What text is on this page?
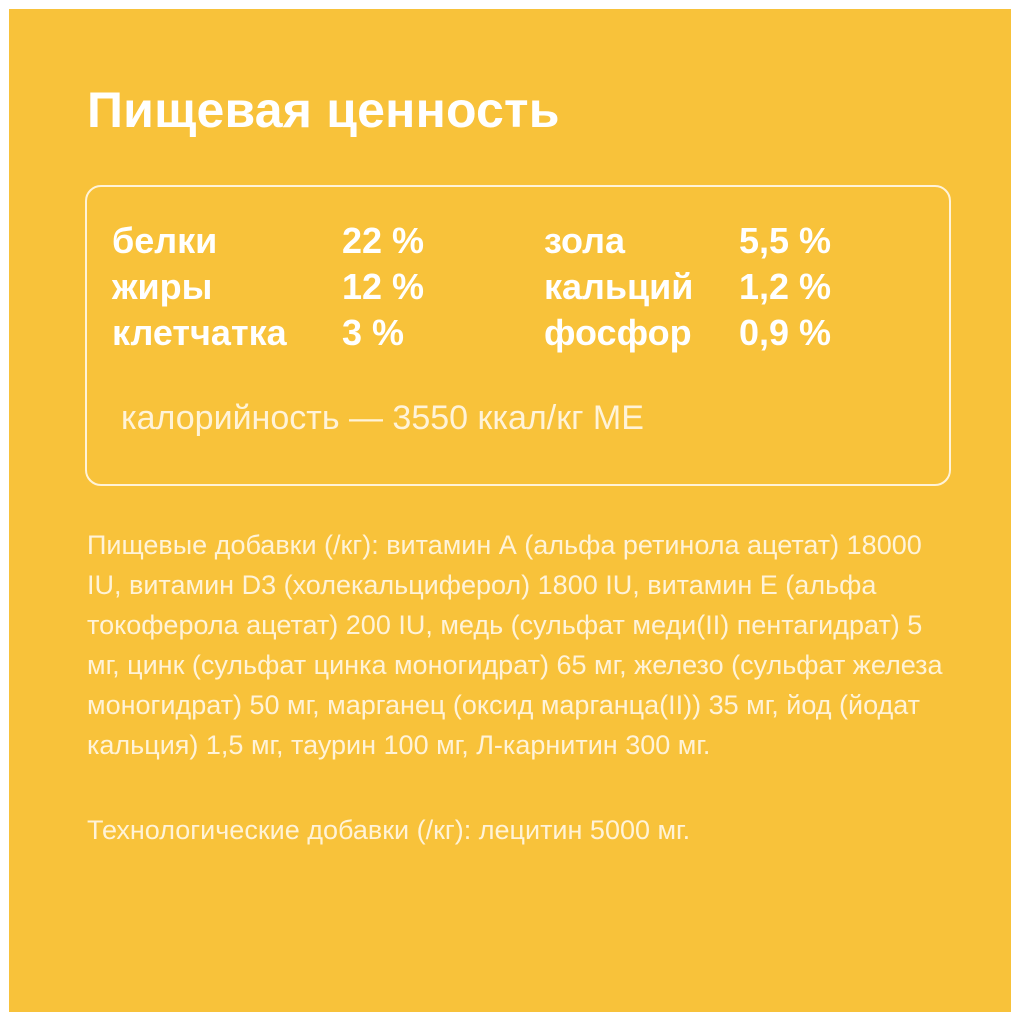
Пищевая ценность
белки	22 %	зола	5,5 %
жиры	12 %	кальций 1,2 %
клетчатка 3 %	фосфор 0,9 %
калорийность — 3550 ккал/кг ME

Пищевые добавки (/кг): витамин А (альфа ретинола ацетат) 18000 IU, витамин D3 (холекальциферол) 1800 IU, витамин Е (альфа токоферола ацетат) 200 IU, медь (сульфат меди(II) пентагидрат) 5 мг, цинк (сульфат цинка моногидрат) 65 мг, железо (сульфат железа моногидрат) 50 мг, марганец (оксид марганца(II)) 35 мг, йод (йодат кальция) 1,5 мг, таурин 100 мг, Л-карнитин 300 мг.

Технологические добавки (/кг): лецитин 5000 мг.
